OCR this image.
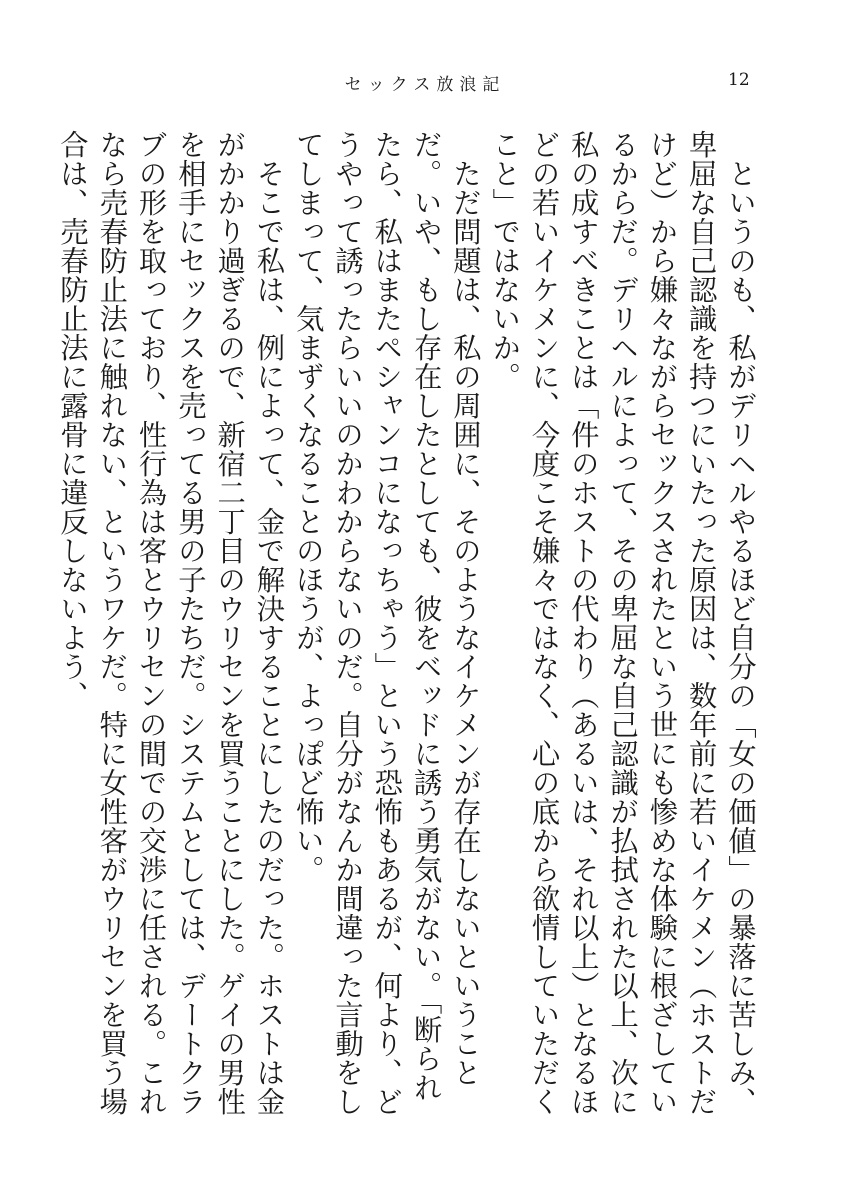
セックス放浪記	12

　というのも、私がデリヘルやるほど自分の「女の価値」の暴落に苦しみ、卑屈な自己認識を持つにいたった原因は、数年前に若いイケメン（ホストだけど）から嫌々ながらセックスされたという世にも惨めな体験に根ざしているからだ。デリヘルによって、その卑屈な自己認識が払拭された以上、次に私の成すべきことは「件のホストの代わり（あるいは、それ以上）となるほどの若いイケメンに、今度こそ嫌々ではなく、心の底から欲情していただくこと」ではないか。

　ただ問題は、私の周囲に、そのようなイケメンが存在しないということだ。いや、もし存在したとしても、彼をベッドに誘う勇気がない。「断られたら、私はまたペシャンコになっちゃう」という恐怖もあるが、何より、どうやって誘ったらいいのかわからないのだ。自分がなんか間違った言動をしてしまって、気まずくなることのほうが、よっぽど怖い。

　そこで私は、例によって、金で解決することにしたのだった。ホストは金がかかり過ぎるので、新宿二丁目のウリセンを買うことにした。ゲイの男性を相手にセックスを売ってる男の子たちだ。システムとしては、デートクラブの形を取っており、性行為は客とウリセンの間での交渉に任される。これなら売春防止法に触れない、というワケだ。特に女性客がウリセンを買う場合は、売春防止法に露骨に違反しないよう、
